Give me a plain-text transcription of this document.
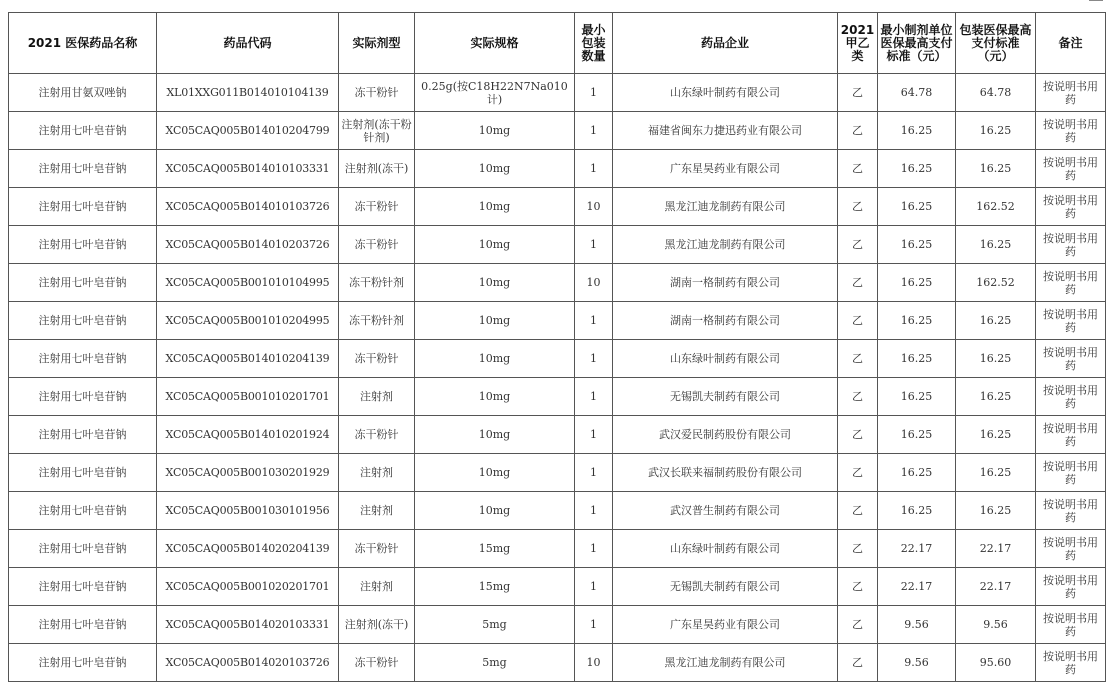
2021 医保药品名称	药品代码	实际剂型	实际规格	最小包装数量	药品企业	2021甲乙类	最小制剂单位医保最高支付标准（元）	包装医保最高支付标准（元）	备注
注射用甘氨双唑钠	XL01XXG011B014010104139	冻干粉针	0.25g(按C18H22N7Na010 计)	1	山东绿叶制药有限公司	乙	64.78	64.78	按说明书用药
注射用七叶皂苷钠	XC05CAQ005B014010204799	注射剂(冻干粉针剂)	10mg	1	福建省闽东力捷迅药业有限公司	乙	16.25	16.25	按说明书用药
注射用七叶皂苷钠	XC05CAQ005B014010103331	注射剂(冻干)	10mg	1	广东星昊药业有限公司	乙	16.25	16.25	按说明书用药
注射用七叶皂苷钠	XC05CAQ005B014010103726	冻干粉针	10mg	10	黑龙江迪龙制药有限公司	乙	16.25	162.52	按说明书用药
注射用七叶皂苷钠	XC05CAQ005B014010203726	冻干粉针	10mg	1	黑龙江迪龙制药有限公司	乙	16.25	16.25	按说明书用药
注射用七叶皂苷钠	XC05CAQ005B001010104995	冻干粉针剂	10mg	10	湖南一格制药有限公司	乙	16.25	162.52	按说明书用药
注射用七叶皂苷钠	XC05CAQ005B001010204995	冻干粉针剂	10mg	1	湖南一格制药有限公司	乙	16.25	16.25	按说明书用药
注射用七叶皂苷钠	XC05CAQ005B014010204139	冻干粉针	10mg	1	山东绿叶制药有限公司	乙	16.25	16.25	按说明书用药
注射用七叶皂苷钠	XC05CAQ005B001010201701	注射剂	10mg	1	无锡凯夫制药有限公司	乙	16.25	16.25	按说明书用药
注射用七叶皂苷钠	XC05CAQ005B014010201924	冻干粉针	10mg	1	武汉爱民制药股份有限公司	乙	16.25	16.25	按说明书用药
注射用七叶皂苷钠	XC05CAQ005B001030201929	注射剂	10mg	1	武汉长联来福制药股份有限公司	乙	16.25	16.25	按说明书用药
注射用七叶皂苷钠	XC05CAQ005B001030101956	注射剂	10mg	1	武汉普生制药有限公司	乙	16.25	16.25	按说明书用药
注射用七叶皂苷钠	XC05CAQ005B014020204139	冻干粉针	15mg	1	山东绿叶制药有限公司	乙	22.17	22.17	按说明书用药
注射用七叶皂苷钠	XC05CAQ005B001020201701	注射剂	15mg	1	无锡凯夫制药有限公司	乙	22.17	22.17	按说明书用药
注射用七叶皂苷钠	XC05CAQ005B014020103331	注射剂(冻干)	5mg	1	广东星昊药业有限公司	乙	9.56	9.56	按说明书用药
注射用七叶皂苷钠	XC05CAQ005B014020103726	冻干粉针	5mg	10	黑龙江迪龙制药有限公司	乙	9.56	95.60	按说明书用药
